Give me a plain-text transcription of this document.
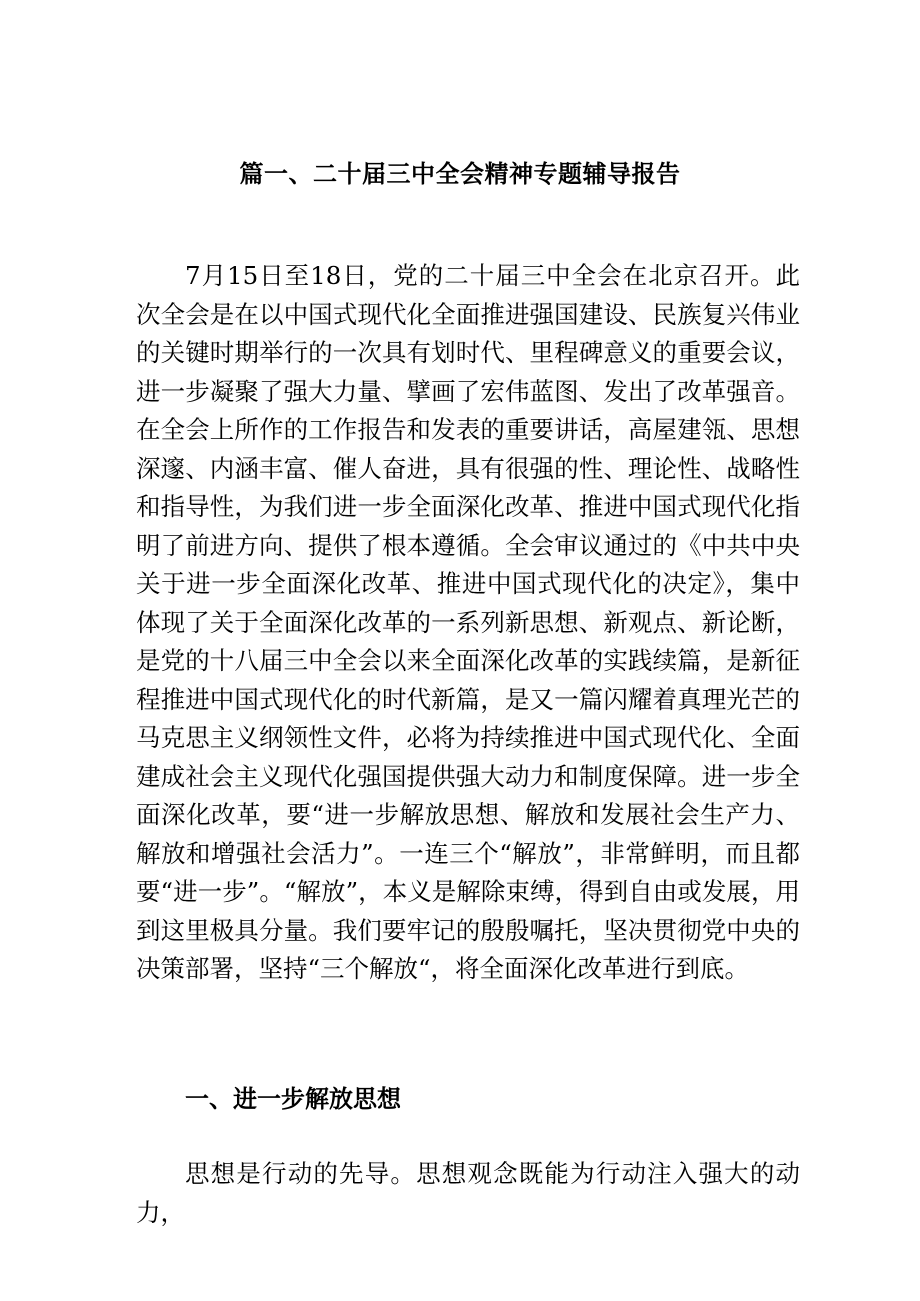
篇一、二十届三中全会精神专题辅导报告

7月15日至18日，党的二十届三中全会在北京召开。此次全会是在以中国式现代化全面推进强国建设、民族复兴伟业的关键时期举行的一次具有划时代、里程碑意义的重要会议，进一步凝聚了强大力量、擘画了宏伟蓝图、发出了改革强音。在全会上所作的工作报告和发表的重要讲话，高屋建瓴、思想深邃、内涵丰富、催人奋进，具有很强的性、理论性、战略性和指导性，为我们进一步全面深化改革、推进中国式现代化指明了前进方向、提供了根本遵循。全会审议通过的《中共中央关于进一步全面深化改革、推进中国式现代化的决定》，集中体现了关于全面深化改革的一系列新思想、新观点、新论断，是党的十八届三中全会以来全面深化改革的实践续篇，是新征程推进中国式现代化的时代新篇，是又一篇闪耀着真理光芒的马克思主义纲领性文件，必将为持续推进中国式现代化、全面建成社会主义现代化强国提供强大动力和制度保障。进一步全面深化改革，要“进一步解放思想、解放和发展社会生产力、解放和增强社会活力”。一连三个“解放”，非常鲜明，而且都要“进一步”。“解放”，本义是解除束缚，得到自由或发展，用到这里极具分量。我们要牢记的殷殷嘱托，坚决贯彻党中央的决策部署，坚持“三个解放“，将全面深化改革进行到底。

一、进一步解放思想

思想是行动的先导。思想观念既能为行动注入强大的动力，
